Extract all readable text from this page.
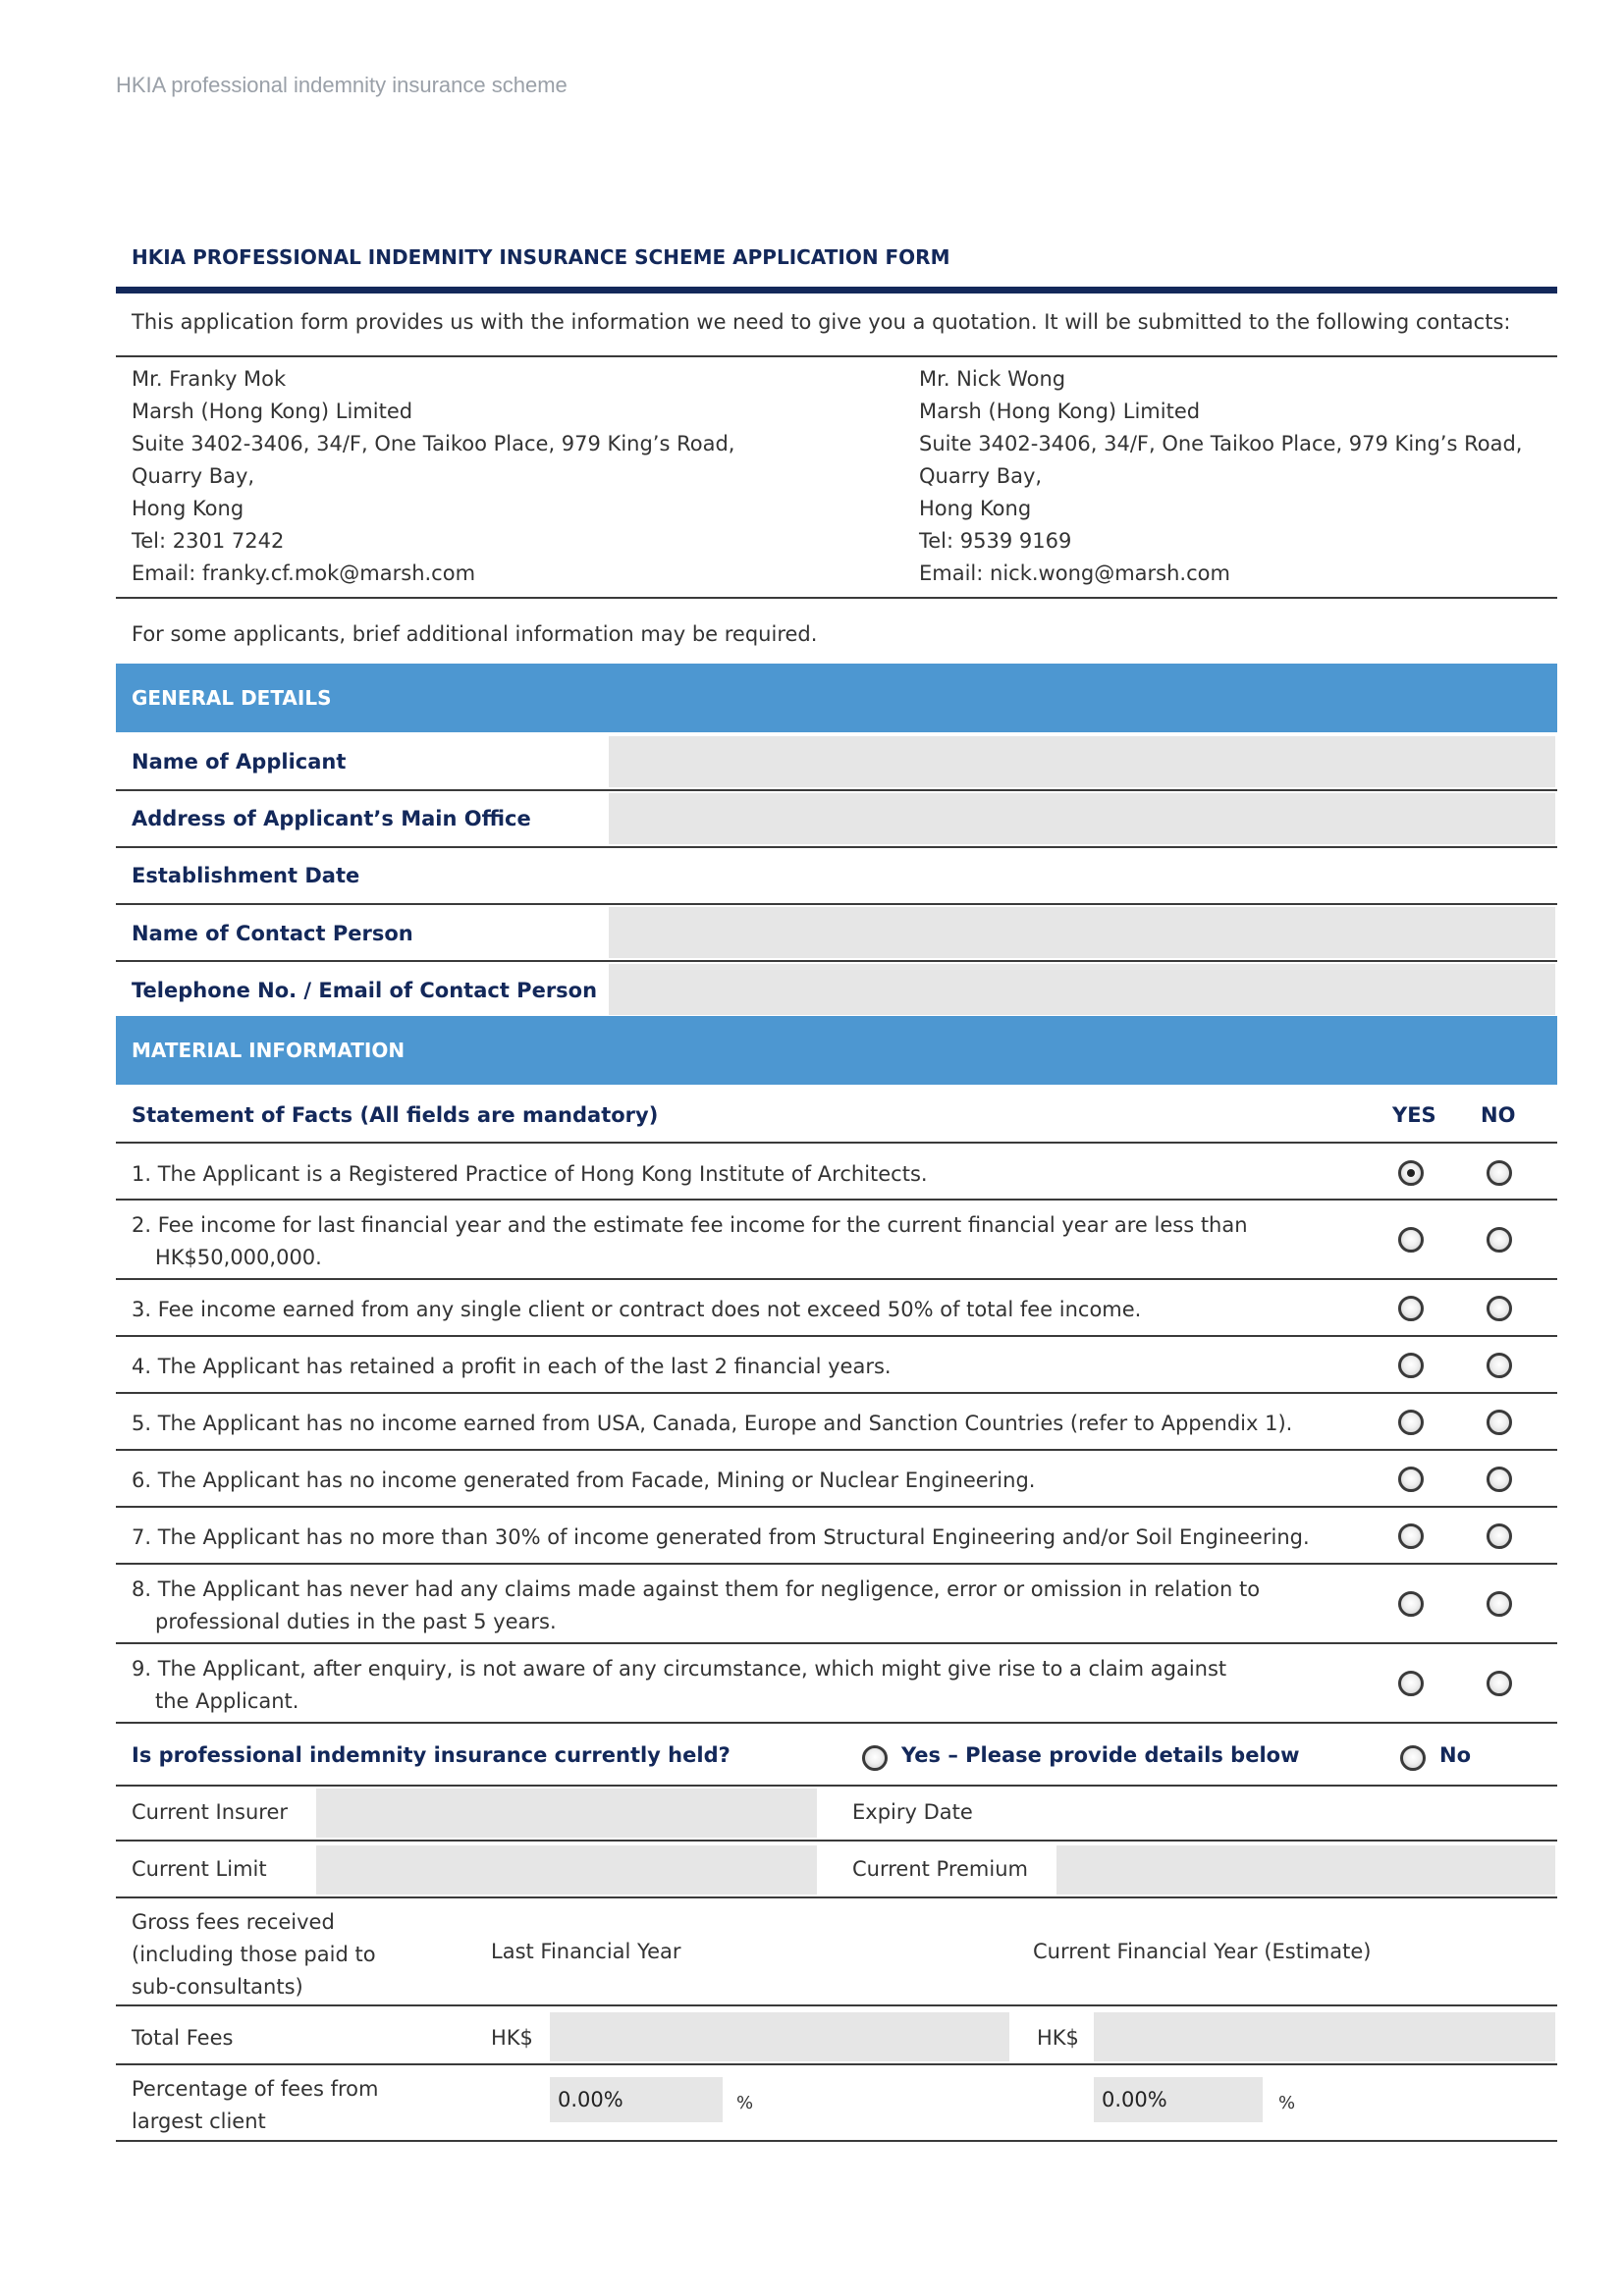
HKIA professional indemnity insurance scheme
HKIA PROFESSIONAL INDEMNITY INSURANCE SCHEME APPLICATION FORM
This application form provides us with the information we need to give you a quotation. It will be submitted to the following contacts:
Mr. Franky Mok
Marsh (Hong Kong) Limited
Suite 3402-3406, 34/F, One Taikoo Place, 979 King’s Road,
Quarry Bay,
Hong Kong
Tel: 2301 7242
Email: franky.cf.mok@marsh.com
Mr. Nick Wong
Marsh (Hong Kong) Limited
Suite 3402-3406, 34/F, One Taikoo Place, 979 King’s Road,
Quarry Bay,
Hong Kong
Tel: 9539 9169
Email: nick.wong@marsh.com
For some applicants, brief additional information may be required.
GENERAL DETAILS
Name of Applicant
Address of Applicant’s Main Office
Establishment Date
Name of Contact Person
Telephone No. / Email of Contact Person
MATERIAL INFORMATION
Statement of Facts (All fields are mandatory)	YES NO
1. The Applicant is a Registered Practice of Hong Kong Institute of Architects.
2. Fee income for last financial year and the estimate fee income for the current financial year are less than
HK$50,000,000.
3. Fee income earned from any single client or contract does not exceed 50% of total fee income.
4. The Applicant has retained a profit in each of the last 2 financial years.
5. The Applicant has no income earned from USA, Canada, Europe and Sanction Countries (refer to Appendix 1).
6. The Applicant has no income generated from Facade, Mining or Nuclear Engineering.
7. The Applicant has no more than 30% of income generated from Structural Engineering and/or Soil Engineering.
8. The Applicant has never had any claims made against them for negligence, error or omission in relation to
professional duties in the past 5 years.
9. The Applicant, after enquiry, is not aware of any circumstance, which might give rise to a claim against
the Applicant.
Is professional indemnity insurance currently held?	Yes – Please provide details below	No
Current Insurer	Expiry Date
Current Limit	Current Premium
Gross fees received
(including those paid to
sub-consultants)
Last Financial Year	Current Financial Year (Estimate)
Total Fees	HK$	HK$
Percentage of fees from
largest client
0.00%	%	0.00%	%
